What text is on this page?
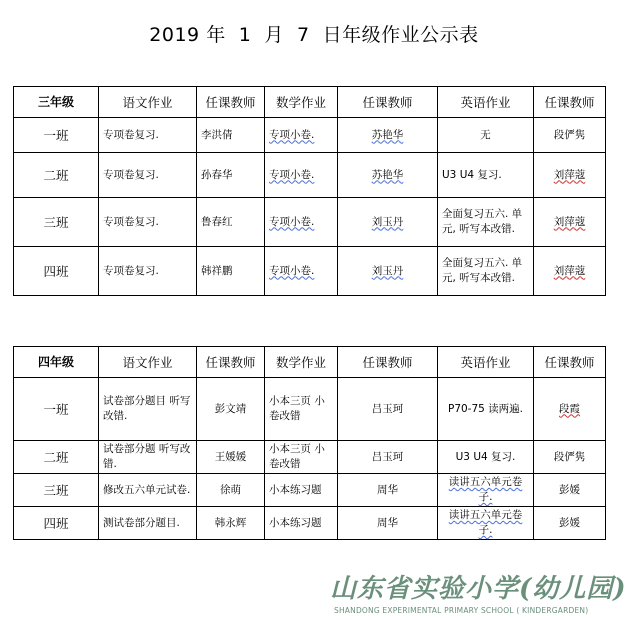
2019 年  1  月  7  日年级作业公示表
三年级	语文作业	任课教师	数学作业	任课教师	英语作业	任课教师
一班	专项卷复习.	李洪倩	专项小卷.	苏艳华	无	段俨隽
二班	专项卷复习.	孙春华	专项小卷.	苏艳华	U3 U4 复习.	刘萍蔻
三班	专项卷复习.	鲁春红	专项小卷.	刘玉丹	全面复习五六. 单元, 听写本改错.	刘萍蔻
四班	专项卷复习.	韩祥鹏	专项小卷.	刘玉丹	全面复习五六. 单元, 听写本改错.	刘萍蔻
四年级	语文作业	任课教师	数学作业	任课教师	英语作业	任课教师
一班	试卷部分题目 听写改错.	彭文靖	小本三页 小卷改错	吕玉珂	P70-75 读两遍.	段霞
二班	试卷部分题 听写改错.	王媛媛	小本三页 小卷改错	吕玉珂	U3 U4 复习.	段俨隽
三班	修改五六单元试卷.	徐萌	小本练习题	周华	读讲五六单元卷子.	彭媛
四班	测试卷部分题目.	韩永辉	小本练习题	周华	读讲五六单元卷子.	彭媛
山东省实验小学(幼儿园)
SHANDONG EXPERIMENTAL PRIMARY SCHOOL ( KINDERGARDEN)
